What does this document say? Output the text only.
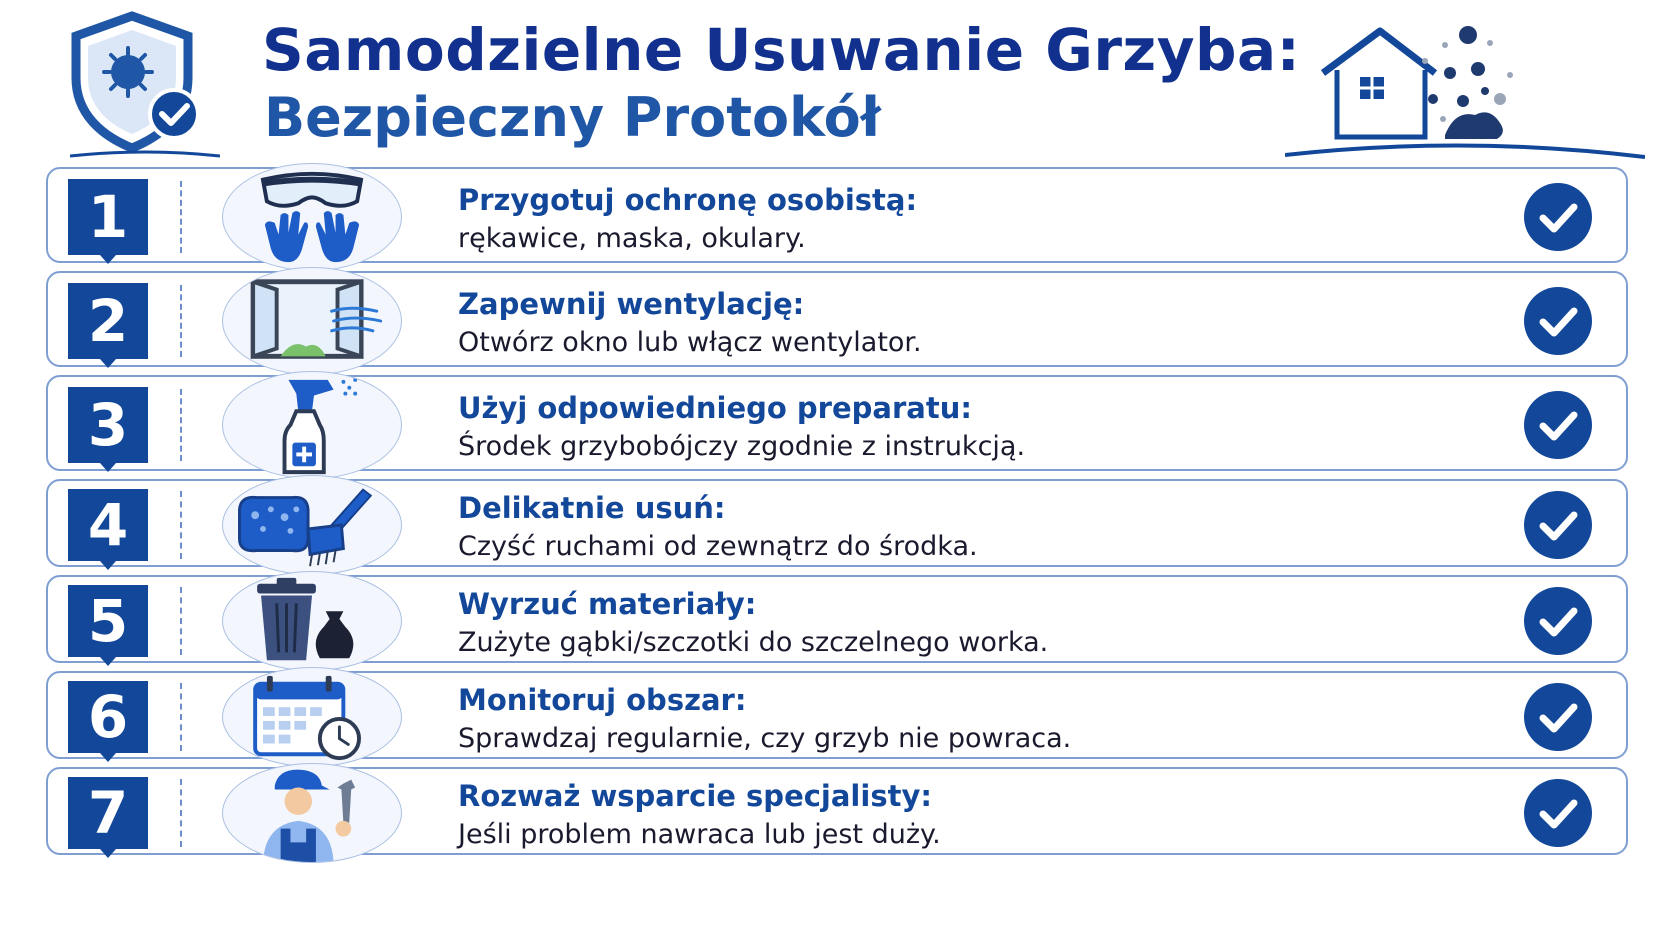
Samodzielne Usuwanie Grzyba:
Bezpieczny Protokół
1	Przygotuj ochronę osobistą:
rękawice, maska, okulary.
2	Zapewnij wentylację:
Otwórz okno lub włącz wentylator.
3	Użyj odpowiedniego preparatu:
Środek grzybobójczy zgodnie z instrukcją.
4	Delikatnie usuń:
Czyść ruchami od zewnątrz do środka.
5	Wyrzuć materiały:
Zużyte gąbki/szczotki do szczelnego worka.
6	Monitoruj obszar:
Sprawdzaj regularnie, czy grzyb nie powraca.
7	Rozważ wsparcie specjalisty:
Jeśli problem nawraca lub jest duży.
